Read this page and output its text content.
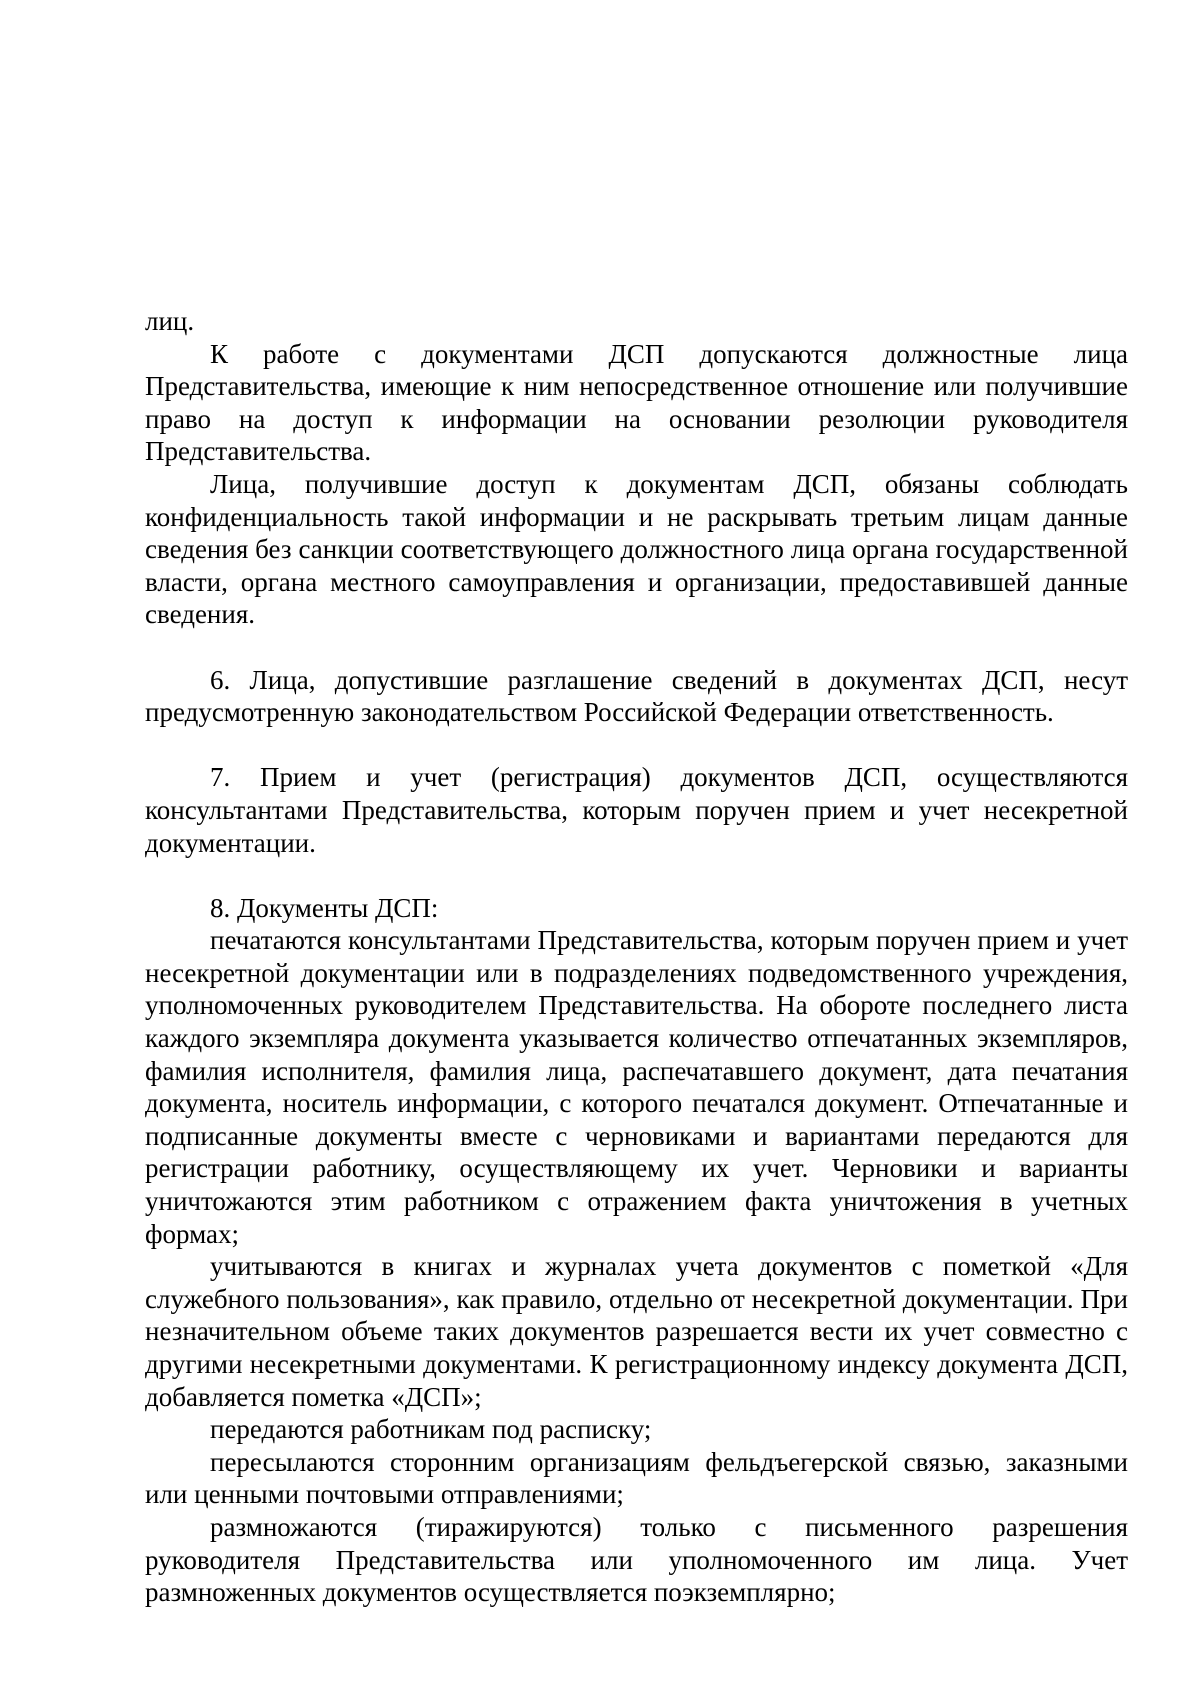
лиц.

К работе с документами ДСП допускаются должностные лица Представительства, имеющие к ним непосредственное отношение или получившие право на доступ к информации на основании резолюции руководителя Представительства.

Лица, получившие доступ к документам ДСП, обязаны соблюдать конфиденциальность такой информации и не раскрывать третьим лицам данные сведения без санкции соответствующего должностного лица органа государственной власти, органа местного самоуправления и организации, предоставившей данные сведения.

6. Лица, допустившие разглашение сведений в документах ДСП, несут предусмотренную законодательством Российской Федерации ответственность.

7. Прием и учет (регистрация) документов ДСП, осуществляются консультантами Представительства, которым поручен прием и учет несекретной документации.

8. Документы ДСП:

печатаются консультантами Представительства, которым поручен прием и учет несекретной документации или в подразделениях подведомственного учреждения, уполномоченных руководителем Представительства. На обороте последнего листа каждого экземпляра документа указывается количество отпечатанных экземпляров, фамилия исполнителя, фамилия лица, распечатавшего документ, дата печатания документа, носитель информации, с которого печатался документ. Отпечатанные и подписанные документы вместе с черновиками и вариантами передаются для регистрации работнику, осуществляющему их учет. Черновики и варианты уничтожаются этим работником с отражением факта уничтожения в учетных формах;

учитываются в книгах и журналах учета документов с пометкой «Для служебного пользования», как правило, отдельно от несекретной документации. При незначительном объеме таких документов разрешается вести их учет совместно с другими несекретными документами. К регистрационному индексу документа ДСП, добавляется пометка «ДСП»;

передаются работникам под расписку;

пересылаются сторонним организациям фельдъегерской связью, заказными или ценными почтовыми отправлениями;

размножаются (тиражируются) только с письменного разрешения руководителя Представительства или уполномоченного им лица. Учет размноженных документов осуществляется поэкземплярно;
